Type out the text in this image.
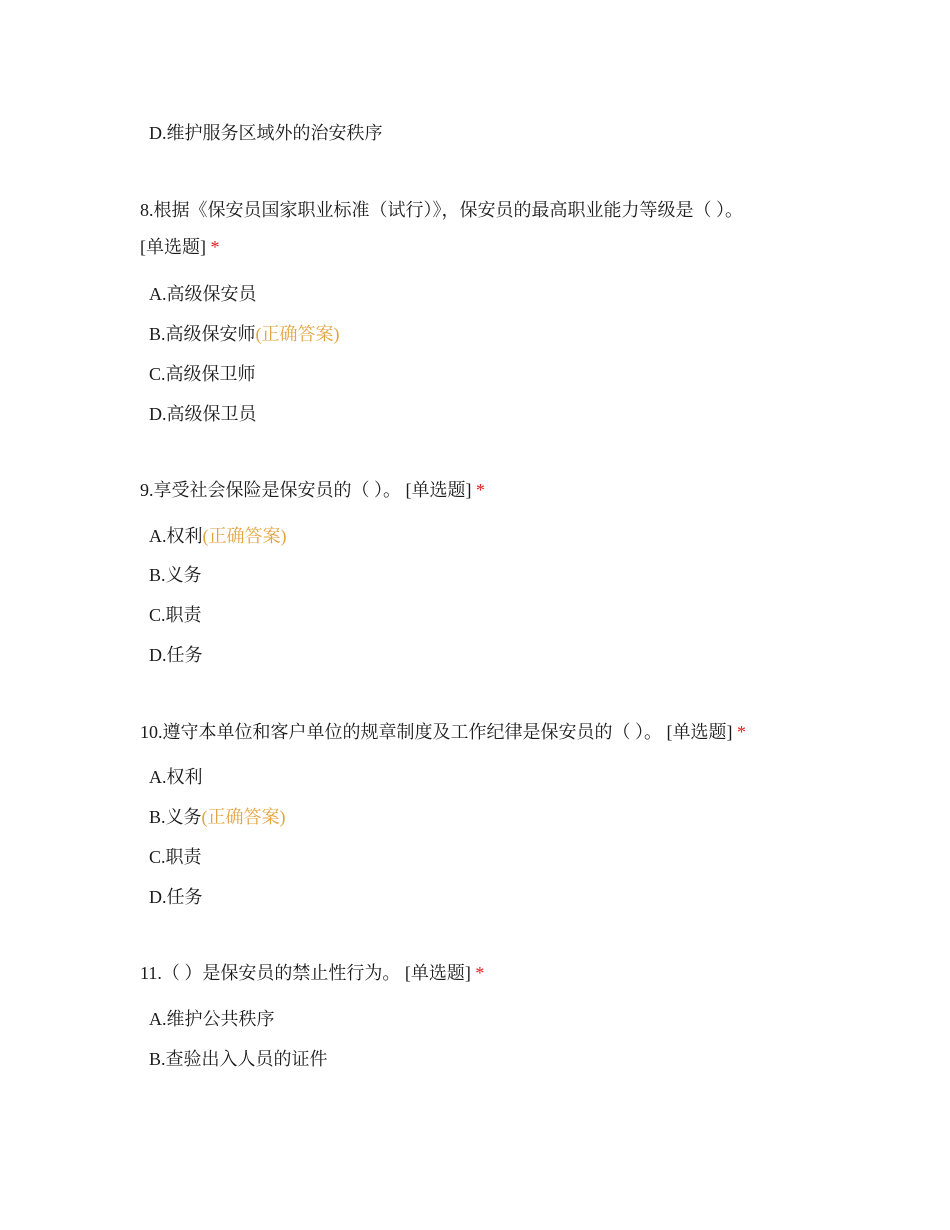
D.维护服务区域外的治安秩序
8.根据《保安员国家职业标准（试行）》，保安员的最高职业能力等级是（ ）。
[单选题] *
A.高级保安员
B.高级保安师(正确答案)
C.高级保卫师
D.高级保卫员
9.享受社会保险是保安员的（ ）。 [单选题] *
A.权利(正确答案)
B.义务
C.职责
D.任务
10.遵守本单位和客户单位的规章制度及工作纪律是保安员的（ ）。 [单选题] *
A.权利
B.义务(正确答案)
C.职责
D.任务
11.（ ）是保安员的禁止性行为。 [单选题] *
A.维护公共秩序
B.查验出入人员的证件
